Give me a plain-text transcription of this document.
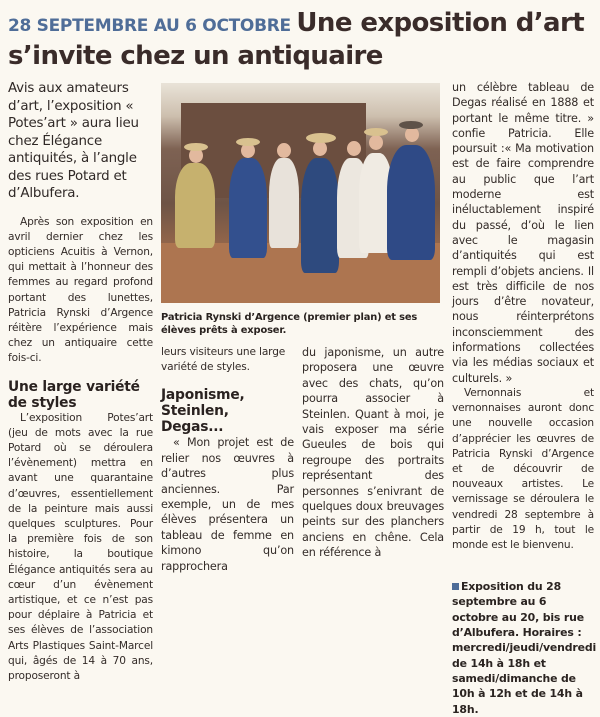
28 SEPTEMBRE AU 6 OCTOBRE Une exposition d’art
s’invite chez un antiquaire

Avis aux amateurs d’art, l’exposition « Potes’art » aura lieu chez Élégance antiquités, à l’angle des rues Potard et d’Albufera.

Après son exposition en avril dernier chez les opticiens Acuitis à Vernon, qui mettait à l’honneur des femmes au regard profond portant des lunettes, Patricia Rynski d’Argence réitère l’expérience mais chez un antiquaire cette fois-ci.

Une large variété de styles

L’exposition Potes’art (jeu de mots avec la rue Potard où se déroulera l’évènement) mettra en avant une quarantaine d’œuvres, essentiellement de la peinture mais aussi quelques sculptures. Pour la première fois de son histoire, la boutique Élégance antiquités sera au cœur d’un évènement artistique, et ce n’est pas pour déplaire à Patricia et ses élèves de l’association Arts Plastiques Saint-Marcel qui, âgés de 14 à 70 ans, proposeront à

Patricia Rynski d’Argence (premier plan) et ses élèves prêts à exposer.

leurs visiteurs une large variété de styles.

Japonisme, Steinlen, Degas...

« Mon projet est de relier nos œuvres à d’autres plus anciennes. Par exemple, un de mes élèves présentera un tableau de femme en kimono qu’on rapprochera

du japonisme, un autre proposera une œuvre avec des chats, qu’on pourra associer à Steinlen. Quant à moi, je vais exposer ma série Gueules de bois qui regroupe des portraits représentant des personnes s’enivrant de quelques doux breuvages peints sur des planchers anciens en chêne. Cela en référence à

un célèbre tableau de Degas réalisé en 1888 et portant le même titre. » confie Patricia. Elle poursuit :« Ma motivation est de faire comprendre au public que l’art moderne est inéluctablement inspiré du passé, d’où le lien avec le magasin d’antiquités qui est rempli d’objets anciens. Il est très difficile de nos jours d’être novateur, nous réinterprétons inconsciemment des informations collectées via les médias sociaux et culturels. »

Vernonnais et vernonnaises auront donc une nouvelle occasion d’apprécier les œuvres de Patricia Rynski d’Argence et de découvrir de nouveaux artistes. Le vernissage se déroulera le vendredi 28 septembre à partir de 19 h, tout le monde est le bienvenu.

Exposition du 28 septembre au 6 octobre au 20, bis rue d’Albufera. Horaires : mercredi/jeudi/vendredi de 14h à 18h et samedi/dimanche de 10h à 12h et de 14h à 18h.
